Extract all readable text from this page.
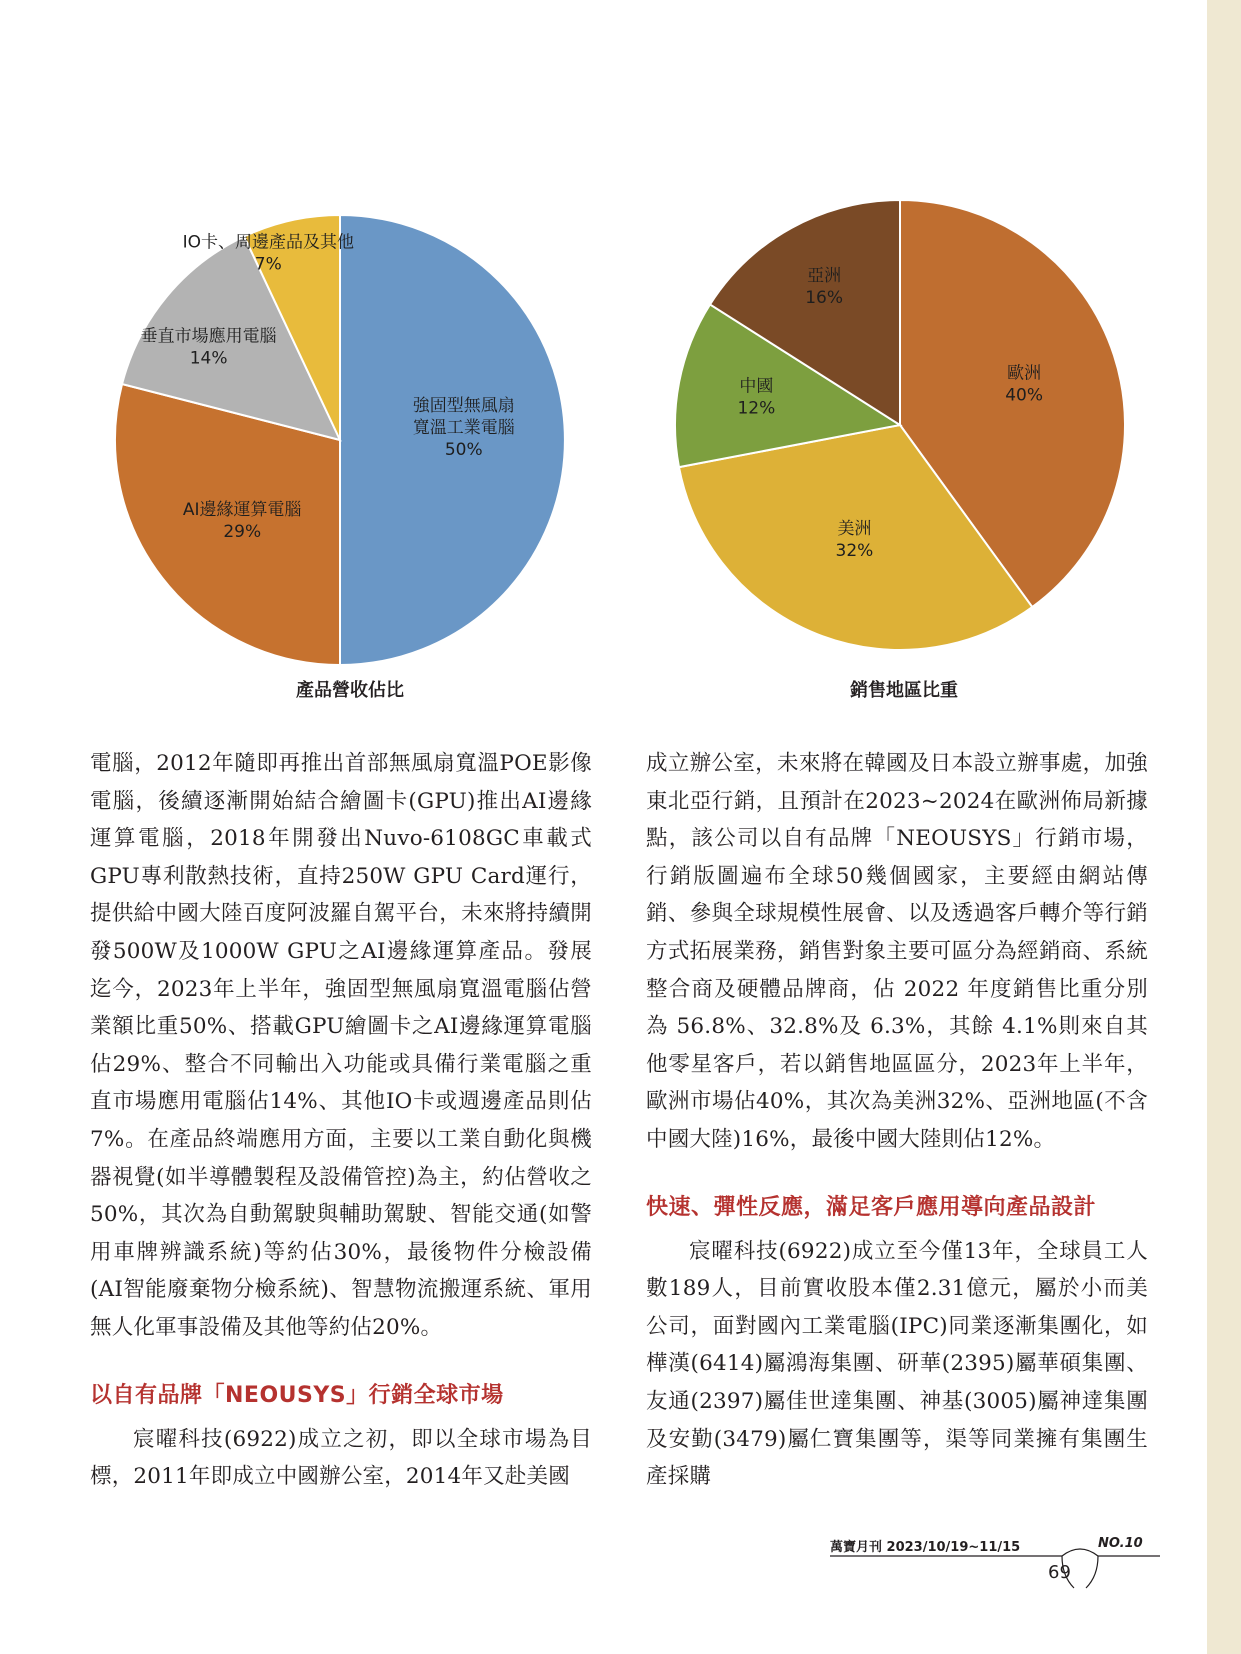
強固型無風扇
寬溫工業電腦
50%
AI邊緣運算電腦
29%
垂直市場應用電腦
14%
IO卡、周邊產品及其他
7%
產品營收佔比
歐洲
40%
美洲
32%
中國
12%
亞洲
16%
銷售地區比重

電腦，2012年隨即再推出首部無風扇寬溫POE影像電腦，後續逐漸開始結合繪圖卡(GPU)推出AI邊緣運算電腦，2018年開發出Nuvo-6108GC車載式GPU專利散熱技術，直持250W GPU Card運行，提供給中國大陸百度阿波羅自駕平台，未來將持續開發500W及1000W GPU之AI邊緣運算產品。發展迄今，2023年上半年，強固型無風扇寬溫電腦佔營業額比重50%、搭載GPU繪圖卡之AI邊緣運算電腦佔29%、整合不同輸出入功能或具備行業電腦之重直市場應用電腦佔14%、其他IO卡或週邊產品則佔7%。在產品終端應用方面，主要以工業自動化與機器視覺(如半導體製程及設備管控)為主，約佔營收之50%，其次為自動駕駛與輔助駕駛、智能交通(如警用車牌辨識系統)等約佔30%，最後物件分檢設備(AI智能廢棄物分檢系統)、智慧物流搬運系統、軍用無人化軍事設備及其他等約佔20%。

以自有品牌「NEOUSYS」行銷全球市場

宸曜科技(6922)成立之初，即以全球市場為目標，2011年即成立中國辦公室，2014年又赴美國

成立辦公室，未來將在韓國及日本設立辦事處，加強東北亞行銷，且預計在2023~2024在歐洲佈局新據點，該公司以自有品牌「NEOUSYS」行銷市場，行銷版圖遍布全球50幾個國家，主要經由網站傳銷、參與全球規模性展會、以及透過客戶轉介等行銷方式拓展業務，銷售對象主要可區分為經銷商、系統整合商及硬體品牌商，佔 2022 年度銷售比重分別為 56.8%、32.8%及 6.3%，其餘 4.1%則來自其他零星客戶，若以銷售地區區分，2023年上半年，歐洲市場佔40%，其次為美洲32%、亞洲地區(不含中國大陸)16%，最後中國大陸則佔12%。

快速、彈性反應，滿足客戶應用導向產品設計

宸曜科技(6922)成立至今僅13年，全球員工人數189人，目前實收股本僅2.31億元，屬於小而美公司，面對國內工業電腦(IPC)同業逐漸集團化，如樺漢(6414)屬鴻海集團、研華(2395)屬華碩集團、友通(2397)屬佳世達集團、神基(3005)屬神達集團及安勤(3479)屬仁寶集團等，渠等同業擁有集團生產採購

萬寶月刊 2023/10/19~11/15	NO.10
69
